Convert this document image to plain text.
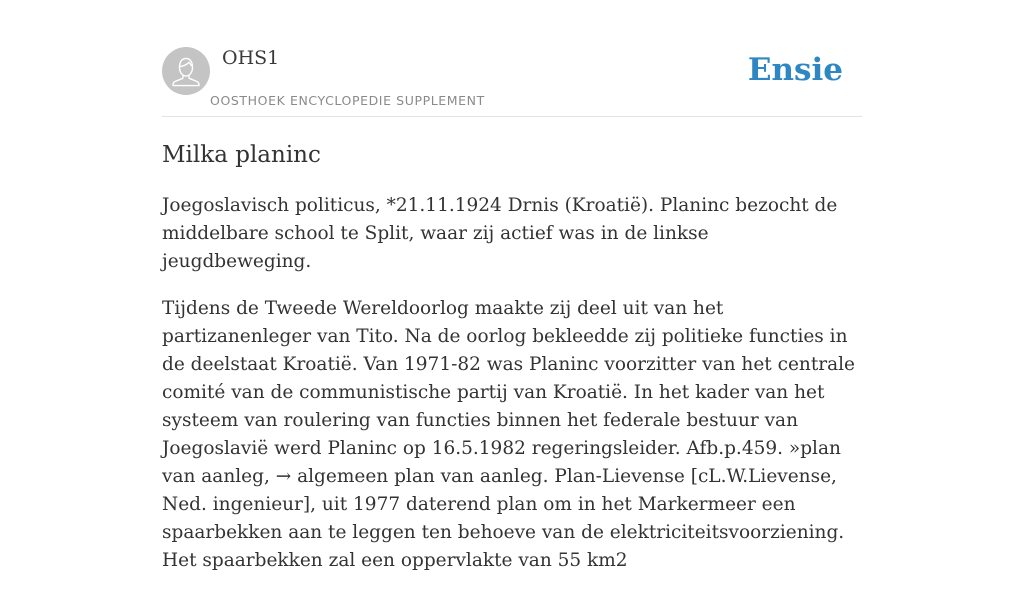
OHS1
OOSTHOEK ENCYCLOPEDIE SUPPLEMENT
Ensie
Milka planinc

Joegoslavisch politicus, *21.11.1924 Drnis (Kroatië). Planinc bezocht de middelbare school te Split, waar zij actief was in de linkse jeugdbeweging.

Tijdens de Tweede Wereldoorlog maakte zij deel uit van het partizanenleger van Tito. Na de oorlog bekleedde zij politieke functies in de deelstaat Kroatië. Van 1971-82 was Planinc voorzitter van het centrale comité van de communistische partij van Kroatië. In het kader van het systeem van roulering van functies binnen het federale bestuur van Joegoslavië werd Planinc op 16.5.1982 regeringsleider. Afb.p.459. »plan van aanleg, → algemeen plan van aanleg. Plan-Lievense [cL.W.Lievense, Ned. ingenieur], uit 1977 daterend plan om in het Markermeer een spaarbekken aan te leggen ten behoeve van de elektriciteitsvoorziening. Het spaarbekken zal een oppervlakte van 55 km2
